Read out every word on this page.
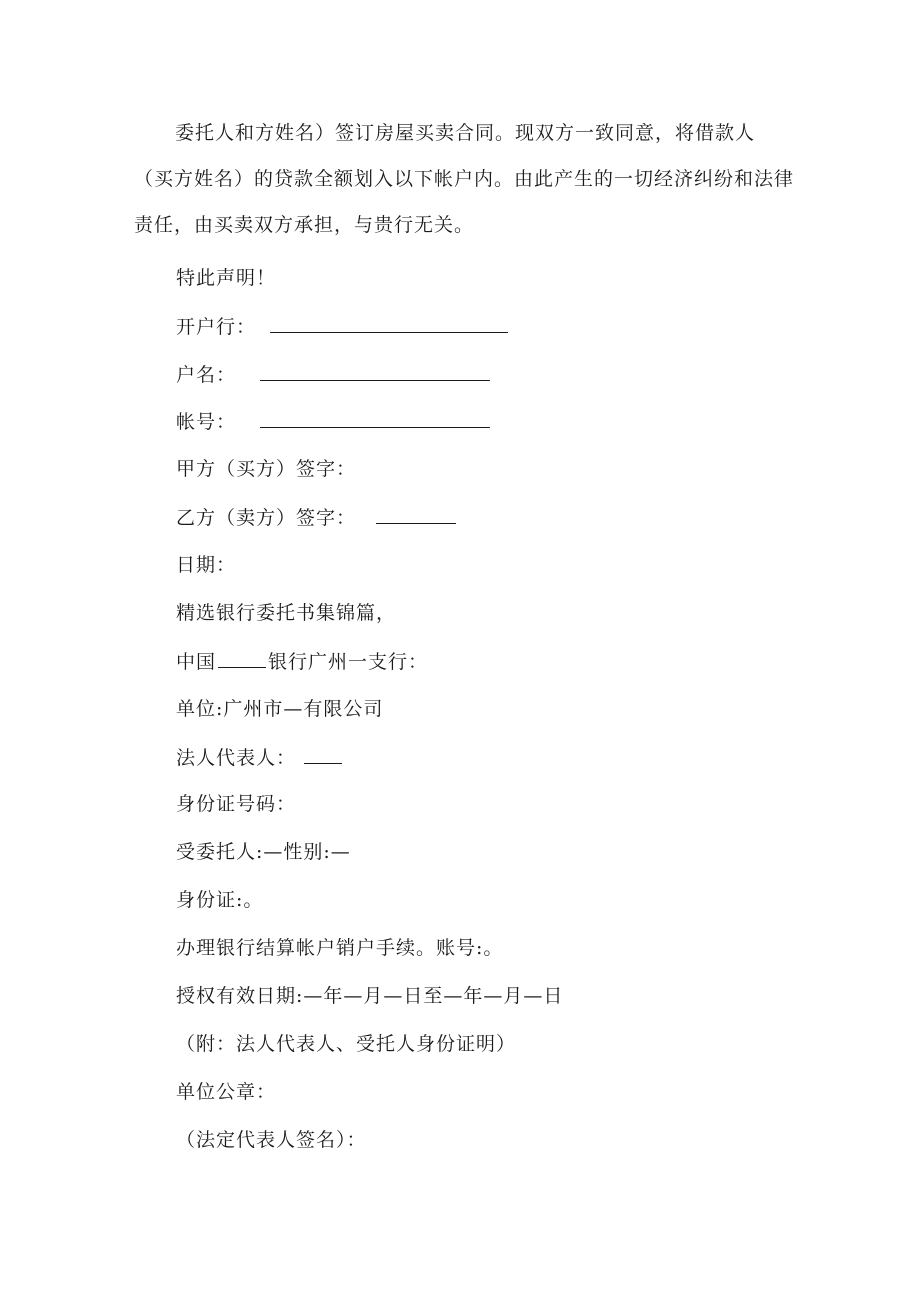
委托人和方姓名）签订房屋买卖合同。现双方一致同意，将借款人（买方姓名）的贷款全额划入以下帐户内。由此产生的一切经济纠纷和法律责任，由买卖双方承担，与贵行无关。

特此声明！

开户行：

户名：

帐号：

甲方（买方）签字：

乙方（卖方）签字：

日期：

精选银行委托书集锦篇，

中国	银行广州一支行：

单位:广州市—有限公司

法人代表人：

身份证号码：

受委托人:—性别:—

身份证:。

办理银行结算帐户销户手续。账号:。

授权有效日期:—年—月—日至—年—月—日

（附：法人代表人、受托人身份证明）

单位公章：

（法定代表人签名）：
